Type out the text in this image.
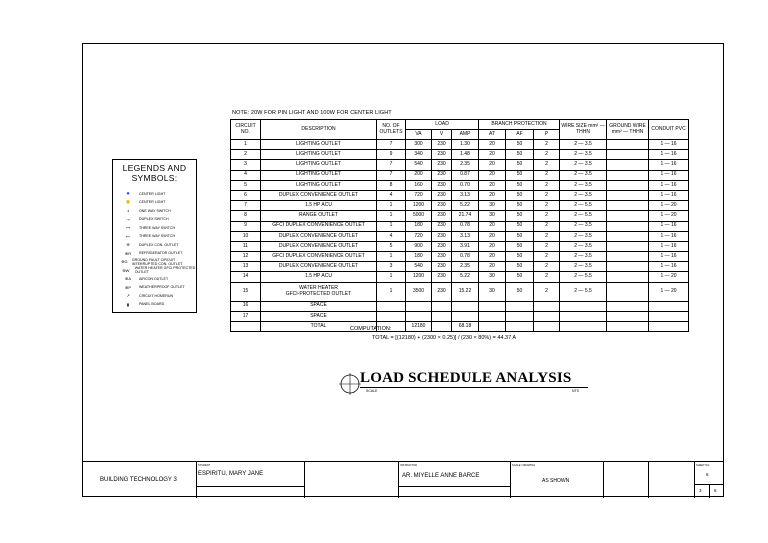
NOTE: 20W FOR PIN LIGHT AND 100W FOR CENTER LIGHT
LEGENDS AND
SYMBOLS:
●	CENTER LIGHT
✹	CENTER LIGHT
ⅎ	ONE WAY SWITCH
⊸	DUPLEX SWITCH
⊶	THREE WAY SWITCH
⊷	THREE WAY SWITCH
⊕	DUPLEX CON. OUTLET
⊕R	REFRIGERATOR OUTLET
⊕G	GROUND FAULT CIRCUIT INTERRUPTED CON. OUTLET
⊕W	WATER HEATER GFCI PROTECTED OUTLET
⊕A	AIRCON OUTLET
⊕P	WEATHERPROOF OUTLET
↗	CIRCUIT HOMERUN
▮	PANEL BOARD
CIRCUIT NO.	DESCRIPTION	NO. OF OUTLETS	LOAD			BRANCH PROTECTION			WIRE SIZE mm² — THHN	GROUND WIRE mm² — THHN	CONDUIT PVC
			VA	V	AMP	AT	AF	P			
1	LIGHTING OUTLET	7	300	230	1.30	20	50	2	2 — 3.5		1 — 16
2	LIGHTING OUTLET	9	340	230	1.48	20	50	2	2 — 3.5		1 — 16
3	LIGHTING OUTLET	7	540	230	2.35	20	50	2	2 — 3.5		1 — 16
4	LIGHTING OUTLET	7	200	230	0.87	20	50	2	2 — 3.5		1 — 16
5	LIGHTING OUTLET	8	160	230	0.70	20	50	2	2 — 3.5		1 — 16
6	DUPLEX CONVENIENCE OUTLET	4	720	230	3.13	20	50	2	2 — 3.5		1 — 16
7	1.5 HP ACU	1	1200	230	5.22	30	50	2	2 — 5.5		1 — 20
8	RANGE OUTLET	1	5000	230	21.74	30	50	2	2 — 5.5		1 — 20
9	GFCI DUPLEX CONVENIENCE OUTLET	1	180	230	0.78	20	50	2	2 — 3.5		1 — 16
10	DUPLEX CONVENIENCE OUTLET	4	720	230	3.13	20	50	2	2 — 3.5		1 — 16
11	DUPLEX CONVENIENCE OUTLET	5	900	230	3.91	20	50	2	2 — 3.5		1 — 16
12	GFCI DUPLEX CONVENIENCE OUTLET	1	180	230	0.78	20	50	2	2 — 3.5		1 — 16
13	DUPLEX CONVENIENCE OUTLET	3	540	230	2.35	20	50	2	2 — 3.5		1 — 16
14	1.5 HP ACU	1	1200	230	5.22	30	50	2	2 — 5.5		1 — 20
15	WATER HEATER
GFCI-PROTECTED OUTLET	1	3500	230	15.22	30	50	2	2 — 5.5		1 — 20
16	SPACE										
17	SPACE										
	TOTAL		12180		68.18						
COMPUTATION:
TOTAL = [(12180) + (2300 × 0.25)] / (230 × 80%) = 44.37 A
LOAD SCHEDULE ANALYSIS
SCALE	NTS
BUILDING TECHNOLOGY 3
STUDENT
ESPIRITU, MARY JANE
INSTRUCTOR
AR. MIYELLE ANNE BARCE
SCALE / DRAWING
AS SHOWN
SHEET NO.
6
3	6
